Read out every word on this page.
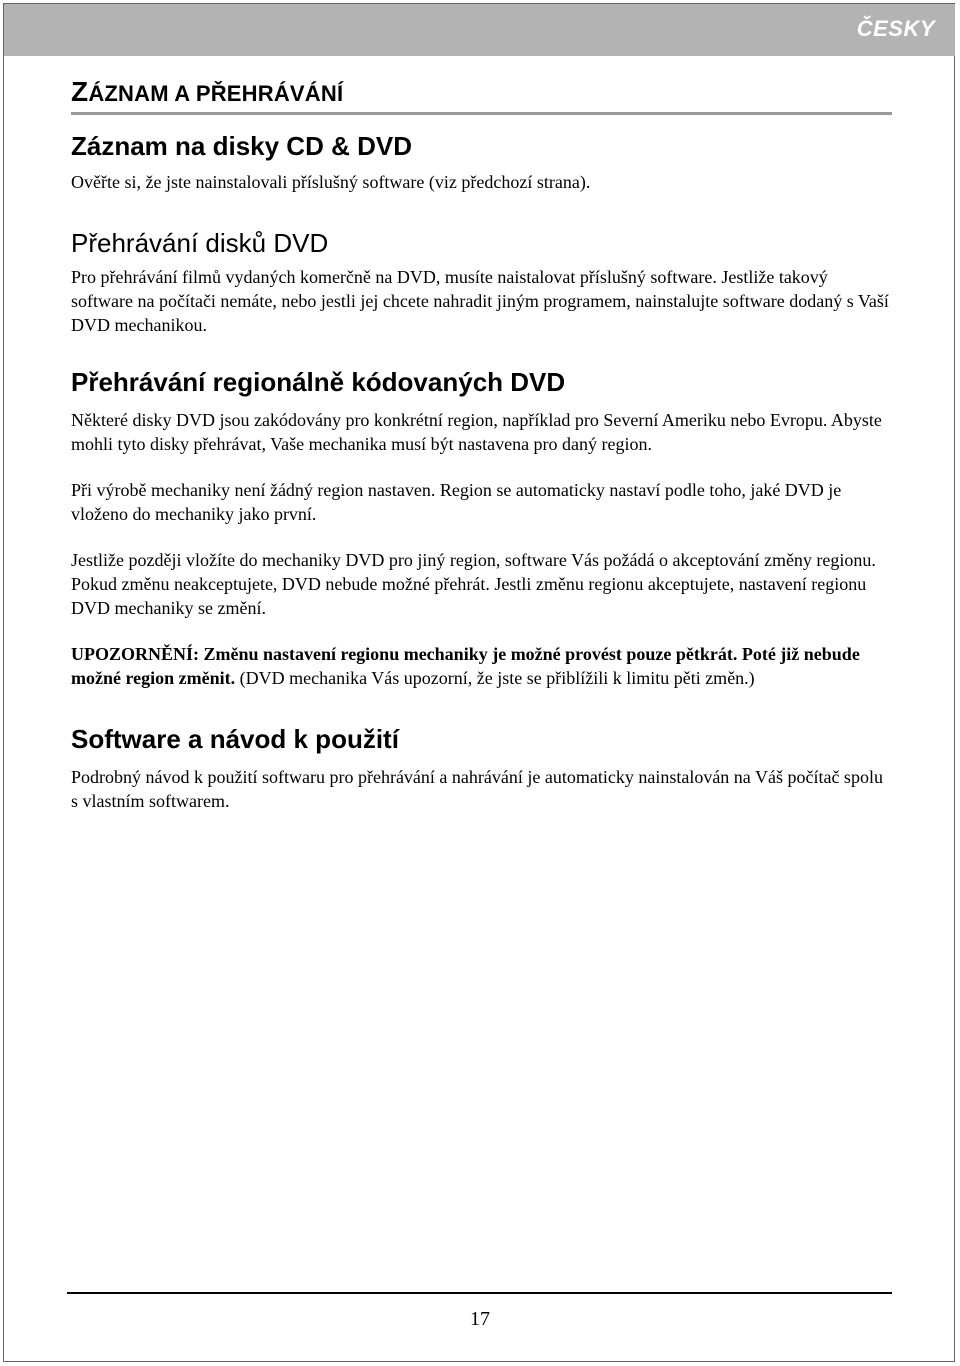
ČESKY
ZÁZNAM A PŘEHRÁVÁNÍ
Záznam na disky CD & DVD

Ověřte si, že jste nainstalovali příslušný software (viz předchozí strana).

Přehrávání disků DVD

Pro přehrávání filmů vydaných komerčně na DVD, musíte naistalovat příslušný software. Jestliže takový software na počítači nemáte, nebo jestli jej chcete nahradit jiným programem, nainstalujte software dodaný s Vaší DVD mechanikou.

Přehrávání regionálně kódovaných DVD

Některé disky DVD jsou zakódovány pro konkrétní region, například pro Severní Ameriku nebo Evropu. Abyste mohli tyto disky přehrávat, Vaše mechanika musí být nastavena pro daný region.

Při výrobě mechaniky není žádný region nastaven. Region se automaticky nastaví podle toho, jaké DVD je vloženo do mechaniky jako první.

Jestliže později vložíte do mechaniky DVD pro jiný region, software Vás požádá o akceptování změny regionu. Pokud změnu neakceptujete, DVD nebude možné přehrát. Jestli změnu regionu akceptujete, nastavení regionu DVD mechaniky se změní.

UPOZORNĚNÍ: Změnu nastavení regionu mechaniky je možné provést pouze pětkrát. Poté již nebude možné region změnit. (DVD mechanika Vás upozorní, že jste se přiblížili k limitu pěti změn.)

Software a návod k použití

Podrobný návod k použití softwaru pro přehrávání a nahrávání je automaticky nainstalován na Váš počítač spolu s vlastním softwarem.

17
